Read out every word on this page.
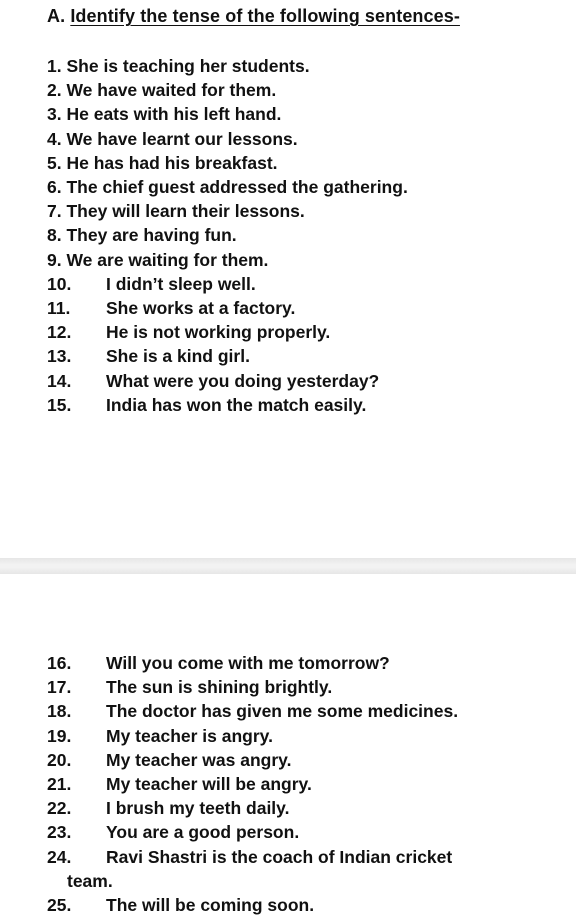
A. Identify the tense of the following sentences-
1. She is teaching her students.
2. We have waited for them.
3. He eats with his left hand.
4. We have learnt our lessons.
5. He has had his breakfast.
6. The chief guest addressed the gathering.
7. They will learn their lessons.
8. They are having fun.
9. We are waiting for them.
10. I didn’t sleep well.
11. She works at a factory.
12. He is not working properly.
13. She is a kind girl.
14. What were you doing yesterday?
15. India has won the match easily.
16. Will you come with me tomorrow?
17. The sun is shining brightly.
18. The doctor has given me some medicines.
19. My teacher is angry.
20. My teacher was angry.
21. My teacher will be angry.
22. I brush my teeth daily.
23. You are a good person.
24. Ravi Shastri is the coach of Indian cricket
25. The will be coming soon.
team.
